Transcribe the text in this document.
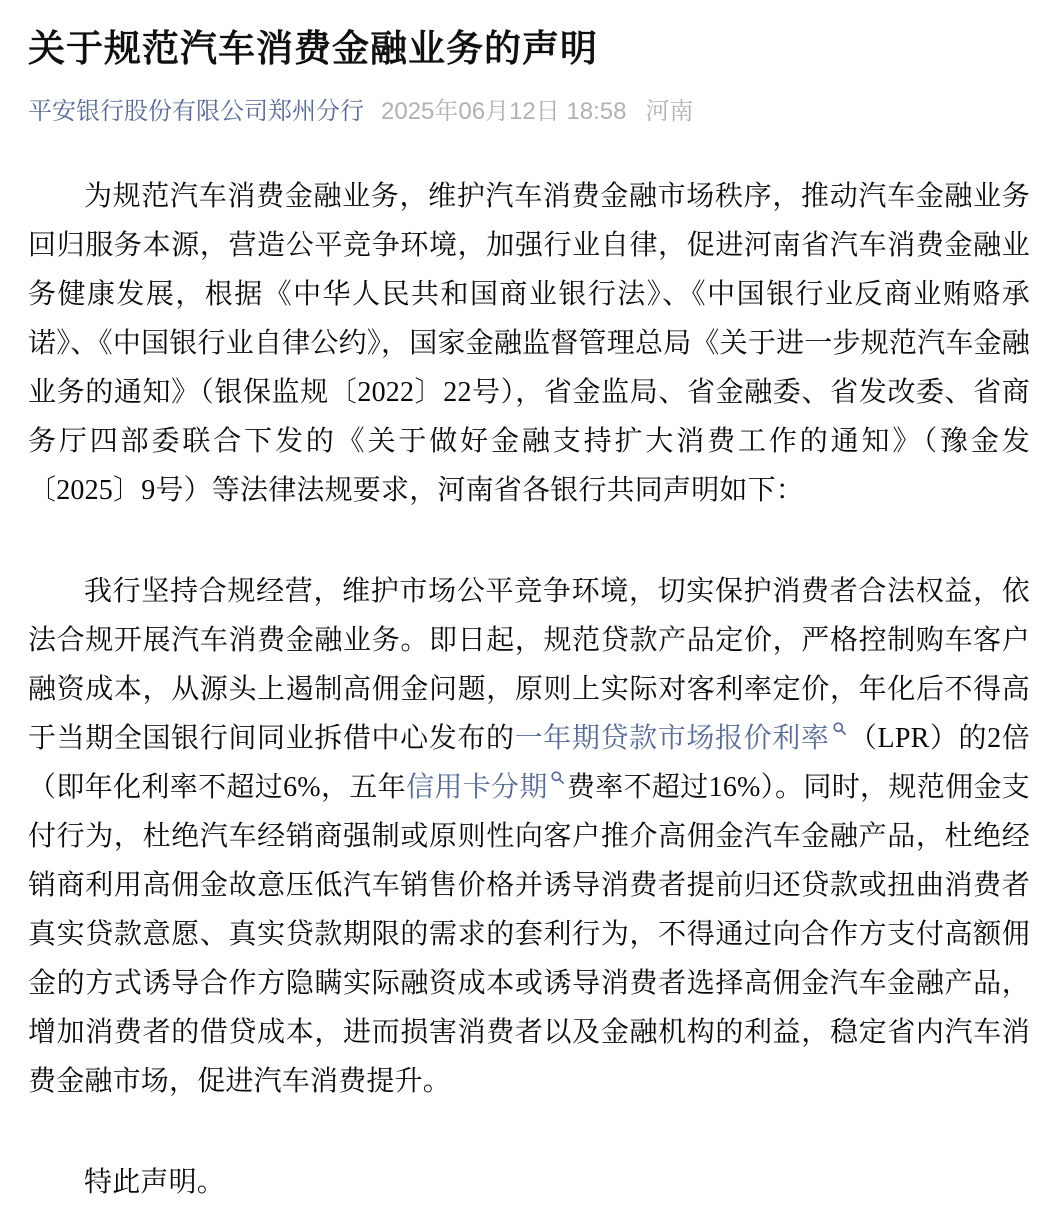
关于规范汽车消费金融业务的声明
平安银行股份有限公司郑州分行 2025年06月12日 18:58 河南

为规范汽车消费金融业务，维护汽车消费金融市场秩序，推动汽车金融业务回归服务本源，营造公平竞争环境，加强行业自律，促进河南省汽车消费金融业务健康发展，根据《中华人民共和国商业银行法》、《中国银行业反商业贿赂承诺》、《中国银行业自律公约》，国家金融监督管理总局《关于进一步规范汽车金融业务的通知》（银保监规〔2022〕22号），省金监局、省金融委、省发改委、省商务厅四部委联合下发的《关于做好金融支持扩大消费工作的通知》（豫金发〔2025〕9号）等法律法规要求，河南省各银行共同声明如下：

我行坚持合规经营，维护市场公平竞争环境，切实保护消费者合法权益，依法合规开展汽车消费金融业务。即日起，规范贷款产品定价，严格控制购车客户融资成本，从源头上遏制高佣金问题，原则上实际对客利率定价，年化后不得高于当期全国银行间同业拆借中心发布的一年期贷款市场报价利率 （LPR）的2倍（即年化利率不超过6%，五年信用卡分期 费率不超过16%）。同时，规范佣金支付行为，杜绝汽车经销商强制或原则性向客户推介高佣金汽车金融产品，杜绝经销商利用高佣金故意压低汽车销售价格并诱导消费者提前归还贷款或扭曲消费者真实贷款意愿、真实贷款期限的需求的套利行为，不得通过向合作方支付高额佣金的方式诱导合作方隐瞒实际融资成本或诱导消费者选择高佣金汽车金融产品，增加消费者的借贷成本，进而损害消费者以及金融机构的利益，稳定省内汽车消费金融市场，促进汽车消费提升。

特此声明。
